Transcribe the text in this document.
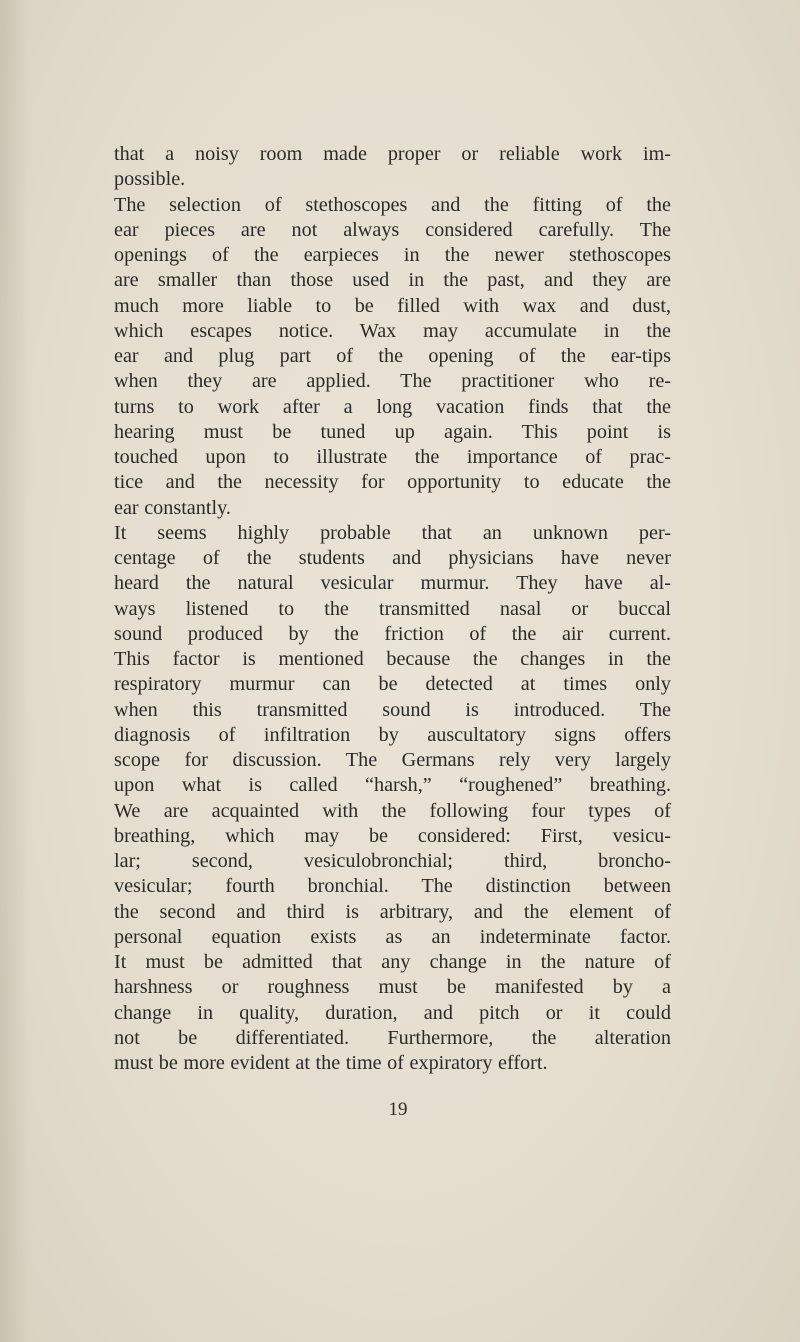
that a noisy room made proper or reliable work im-
possible.
The selection of stethoscopes and the fitting of the
ear pieces are not always considered carefully. The
openings of the earpieces in the newer stethoscopes
are smaller than those used in the past, and they are
much more liable to be filled with wax and dust,
which escapes notice. Wax may accumulate in the
ear and plug part of the opening of the ear-tips
when they are applied. The practitioner who re-
turns to work after a long vacation finds that the
hearing must be tuned up again. This point is
touched upon to illustrate the importance of prac-
tice and the necessity for opportunity to educate the
ear constantly.
It seems highly probable that an unknown per-
centage of the students and physicians have never
heard the natural vesicular murmur. They have al-
ways listened to the transmitted nasal or buccal
sound produced by the friction of the air current.
This factor is mentioned because the changes in the
respiratory murmur can be detected at times only
when this transmitted sound is introduced. The
diagnosis of infiltration by auscultatory signs offers
scope for discussion. The Germans rely very largely
upon what is called “harsh,” “roughened” breathing.
We are acquainted with the following four types of
breathing, which may be considered: First, vesicu-
lar; second, vesiculobronchial; third, broncho-
vesicular; fourth bronchial. The distinction between
the second and third is arbitrary, and the element of
personal equation exists as an indeterminate factor.
It must be admitted that any change in the nature of
harshness or roughness must be manifested by a
change in quality, duration, and pitch or it could
not be differentiated. Furthermore, the alteration
must be more evident at the time of expiratory effort.
19
